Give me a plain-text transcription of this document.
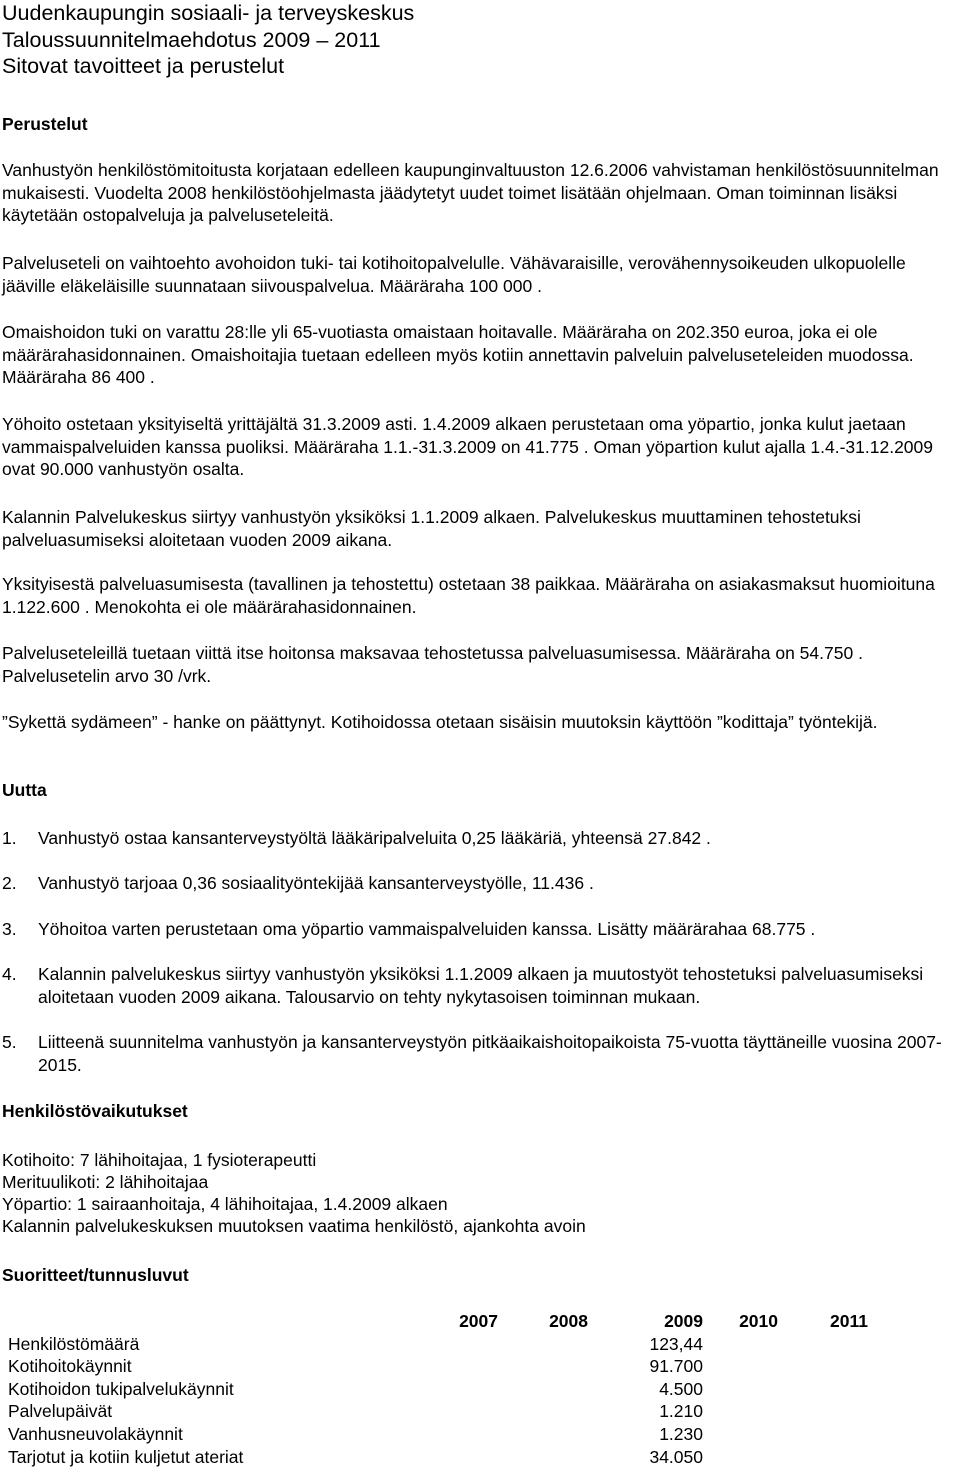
Uudenkaupungin sosiaali- ja terveyskeskus
Taloussuunnitelmaehdotus 2009 – 2011
Sitovat tavoitteet ja perustelut
Perustelut
Vanhustyön henkilöstömitoitusta korjataan edelleen kaupunginvaltuuston 12.6.2006 vahvistaman henkilöstösuunnitelman mukaisesti. Vuodelta 2008 henkilöstöohjelmasta jäädytetyt uudet toimet lisätään ohjelmaan. Oman toiminnan lisäksi käytetään ostopalveluja ja palveluseteleitä.
Palveluseteli on vaihtoehto avohoidon tuki- tai kotihoitopalvelulle. Vähävaraisille, verovähennysoikeuden ulkopuolelle jääville eläkeläisille suunnataan siivouspalvelua. Määräraha 100 000 .
Omaishoidon tuki on varattu 28:lle yli 65-vuotiasta omaistaan hoitavalle. Määräraha on 202.350 euroa, joka ei ole määrärahasidonnainen. Omaishoitajia tuetaan edelleen myös kotiin annettavin palveluin palveluseteleiden muodossa. Määräraha 86 400 .
Yöhoito ostetaan yksityiseltä yrittäjältä 31.3.2009 asti. 1.4.2009 alkaen perustetaan oma yöpartio, jonka kulut jaetaan vammaispalveluiden kanssa puoliksi. Määräraha 1.1.-31.3.2009 on 41.775 . Oman yöpartion kulut ajalla 1.4.-31.12.2009 ovat 90.000 vanhustyön osalta.
Kalannin Palvelukeskus siirtyy vanhustyön yksiköksi 1.1.2009 alkaen. Palvelukeskus muuttaminen tehostetuksi palveluasumiseksi aloitetaan vuoden 2009 aikana.
Yksityisestä palveluasumisesta (tavallinen ja tehostettu) ostetaan 38 paikkaa. Määräraha on asiakasmaksut huomioituna 1.122.600 . Menokohta ei ole määrärahasidonnainen.
Palveluseteleillä tuetaan viittä itse hoitonsa maksavaa tehostetussa palveluasumisessa. Määräraha on 54.750 . Palvelusetelin arvo 30 /vrk.
”Sykettä sydämeen” - hanke on päättynyt. Kotihoidossa otetaan sisäisin muutoksin käyttöön ”kodittaja” työntekijä.
Uutta
1. Vanhustyö ostaa kansanterveystyöltä lääkäripalveluita 0,25 lääkäriä, yhteensä 27.842 .
2. Vanhustyö tarjoaa 0,36 sosiaalityöntekijää kansanterveystyölle, 11.436 .
3. Yöhoitoa varten perustetaan oma yöpartio vammaispalveluiden kanssa. Lisätty määrärahaa 68.775 .
4. Kalannin palvelukeskus siirtyy vanhustyön yksiköksi 1.1.2009 alkaen ja muutostyöt tehostetuksi palveluasumiseksi aloitetaan vuoden 2009 aikana. Talousarvio on tehty nykytasoisen toiminnan mukaan.
5. Liitteenä suunnitelma vanhustyön ja kansanterveystyön pitkäaikaishoitopaikoista 75-vuotta täyttäneille vuosina 2007-2015.
Henkilöstövaikutukset
Kotihoito: 7 lähihoitajaa, 1 fysioterapeutti
Merituulikoti: 2 lähihoitajaa
Yöpartio: 1 sairaanhoitaja, 4 lähihoitajaa, 1.4.2009 alkaen
Kalannin palvelukeskuksen muutoksen vaatima henkilöstö, ajankohta avoin
Suoritteet/tunnusluvut
	2007	2008	2009	2010	2011
Henkilöstömäärä			123,44		
Kotihoitokäynnit			91.700		
Kotihoidon tukipalvelukäynnit			4.500		
Palvelupäivät			1.210		
Vanhusneuvolakäynnit			1.230		
Tarjotut ja kotiin kuljetut ateriat			34.050		
